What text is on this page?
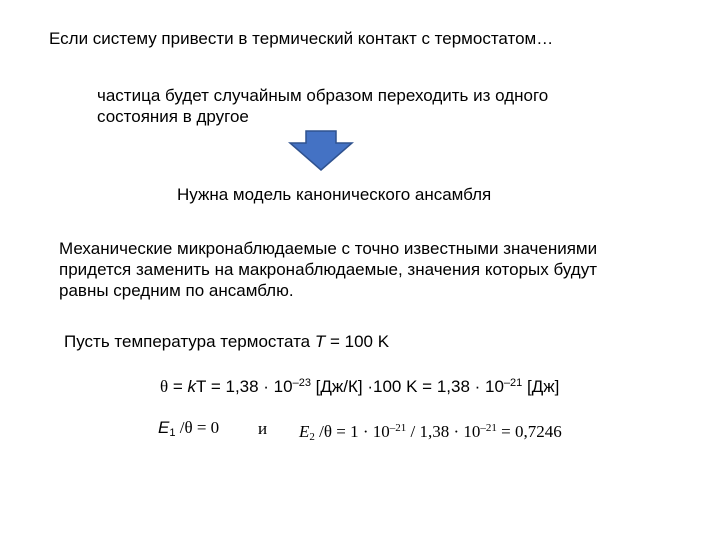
Если систему привести в термический контакт с термостатом…
частица будет случайным образом переходить из одного
состояния в другое
Нужна модель канонического ансамбля
Механические микронаблюдаемые с точно известными значениями
придется заменить на макронаблюдаемые, значения которых будут
равны средним по ансамблю.
Пусть температура термостата T = 100 K
θ = kT = $1,38 \cdot 10^{-23}$ [Дж/К] ·100 $K = 1,38 \cdot 10^{-21}$ [Дж]
$E_1$ /θ = 0 и $E_2$ $/\theta = 1 \cdot 10^{-21} / 1,38 \cdot 10^{-21} = 0,7246$
